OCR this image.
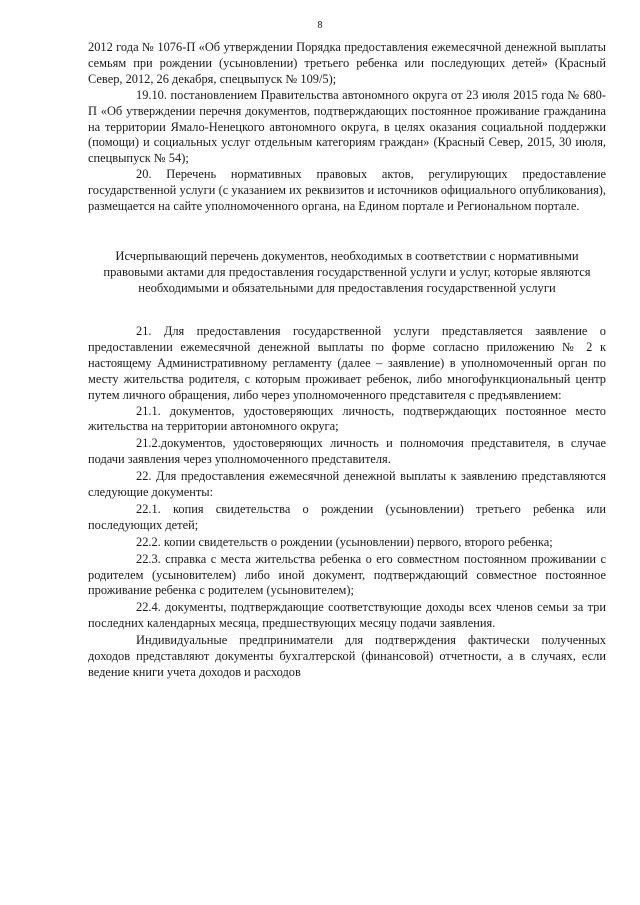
8

2012 года № 1076-П «Об утверждении Порядка предоставления ежемесячной денежной выплаты семьям при рождении (усыновлении) третьего ребенка или последующих детей» (Красный Север, 2012, 26 декабря, спецвыпуск № 109/5);

19.10. постановлением Правительства автономного округа от 23 июля 2015 года № 680-П «Об утверждении перечня документов, подтверждающих постоянное проживание гражданина на территории Ямало-Ненецкого автономного округа, в целях оказания социальной поддержки (помощи) и социальных услуг отдельным категориям граждан» (Красный Север, 2015, 30 июля, спецвыпуск № 54);

20. Перечень нормативных правовых актов, регулирующих предоставление государственной услуги (с указанием их реквизитов и источников официального опубликования), размещается на сайте уполномоченного органа, на Едином портале и Региональном портале.

Исчерпывающий перечень документов, необходимых в соответствии с нормативными правовыми актами для предоставления государственной услуги и услуг, которые являются необходимыми и обязательными для предоставления государственной услуги

21. Для предоставления государственной услуги представляется заявление о предоставлении ежемесячной денежной выплаты по форме согласно приложению № 2 к настоящему Административному регламенту (далее – заявление) в уполномоченный орган по месту жительства родителя, с которым проживает ребенок, либо многофункциональный центр путем личного обращения, либо через уполномоченного представителя с предъявлением:

21.1. документов, удостоверяющих личность, подтверждающих постоянное место жительства на территории автономного округа;

21.2.документов, удостоверяющих личность и полномочия представителя, в случае подачи заявления через уполномоченного представителя.

22. Для предоставления ежемесячной денежной выплаты к заявлению представляются следующие документы:

22.1. копия свидетельства о рождении (усыновлении) третьего ребенка или последующих детей;

22.2. копии свидетельств о рождении (усыновлении) первого, второго ребенка;

22.3. справка с места жительства ребенка о его совместном постоянном проживании с родителем (усыновителем) либо иной документ, подтверждающий совместное постоянное проживание ребенка с родителем (усыновителем);

22.4. документы, подтверждающие соответствующие доходы всех членов семьи за три последних календарных месяца, предшествующих месяцу подачи заявления.

Индивидуальные предприниматели для подтверждения фактически полученных доходов представляют документы бухгалтерской (финансовой) отчетности, а в случаях, если ведение книги учета доходов и расходов
